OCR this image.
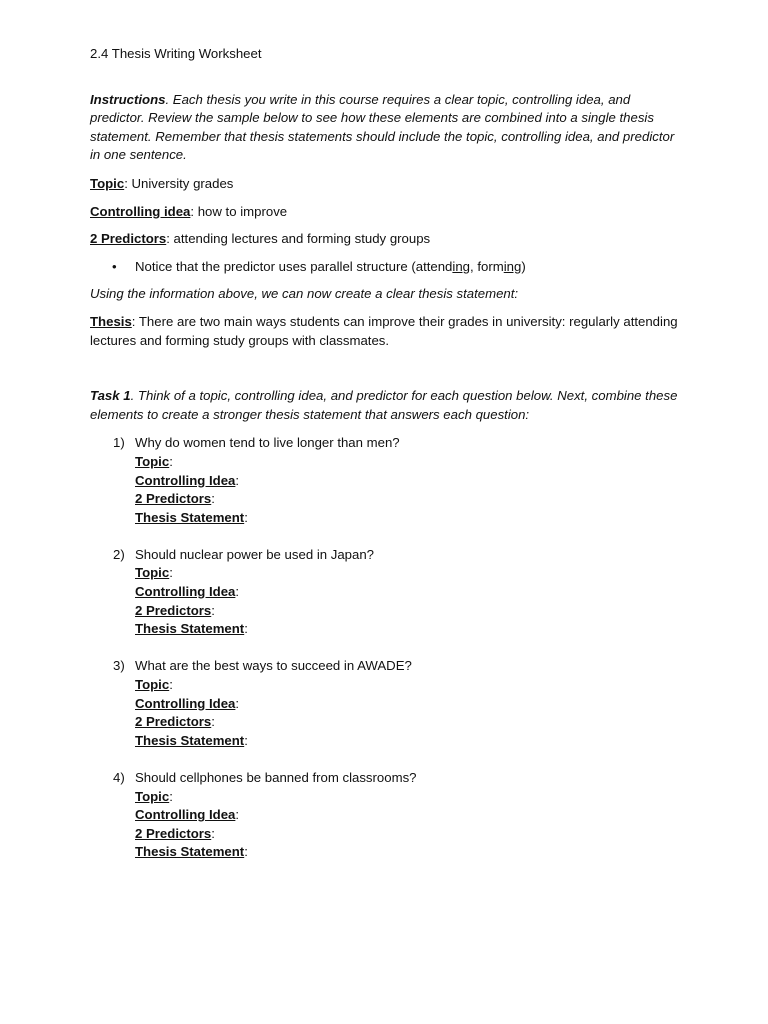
2.4 Thesis Writing Worksheet

Instructions. Each thesis you write in this course requires a clear topic, controlling idea, and predictor. Review the sample below to see how these elements are combined into a single thesis statement. Remember that thesis statements should include the topic, controlling idea, and predictor in one sentence.

Topic: University grades

Controlling idea: how to improve

2 Predictors: attending lectures and forming study groups

•	Notice that the predictor uses parallel structure (attending, forming)

Using the information above, we can now create a clear thesis statement:

Thesis: There are two main ways students can improve their grades in university: regularly attending lectures and forming study groups with classmates.

Task 1. Think of a topic, controlling idea, and predictor for each question below. Next, combine these elements to create a stronger thesis statement that answers each question:

1) Why do women tend to live longer than men?
Topic:
Controlling Idea:
2 Predictors:
Thesis Statement:
2) Should nuclear power be used in Japan?
Topic:
Controlling Idea:
2 Predictors:
Thesis Statement:
3) What are the best ways to succeed in AWADE?
Topic:
Controlling Idea:
2 Predictors:
Thesis Statement:
4) Should cellphones be banned from classrooms?
Topic:
Controlling Idea:
2 Predictors:
Thesis Statement:
